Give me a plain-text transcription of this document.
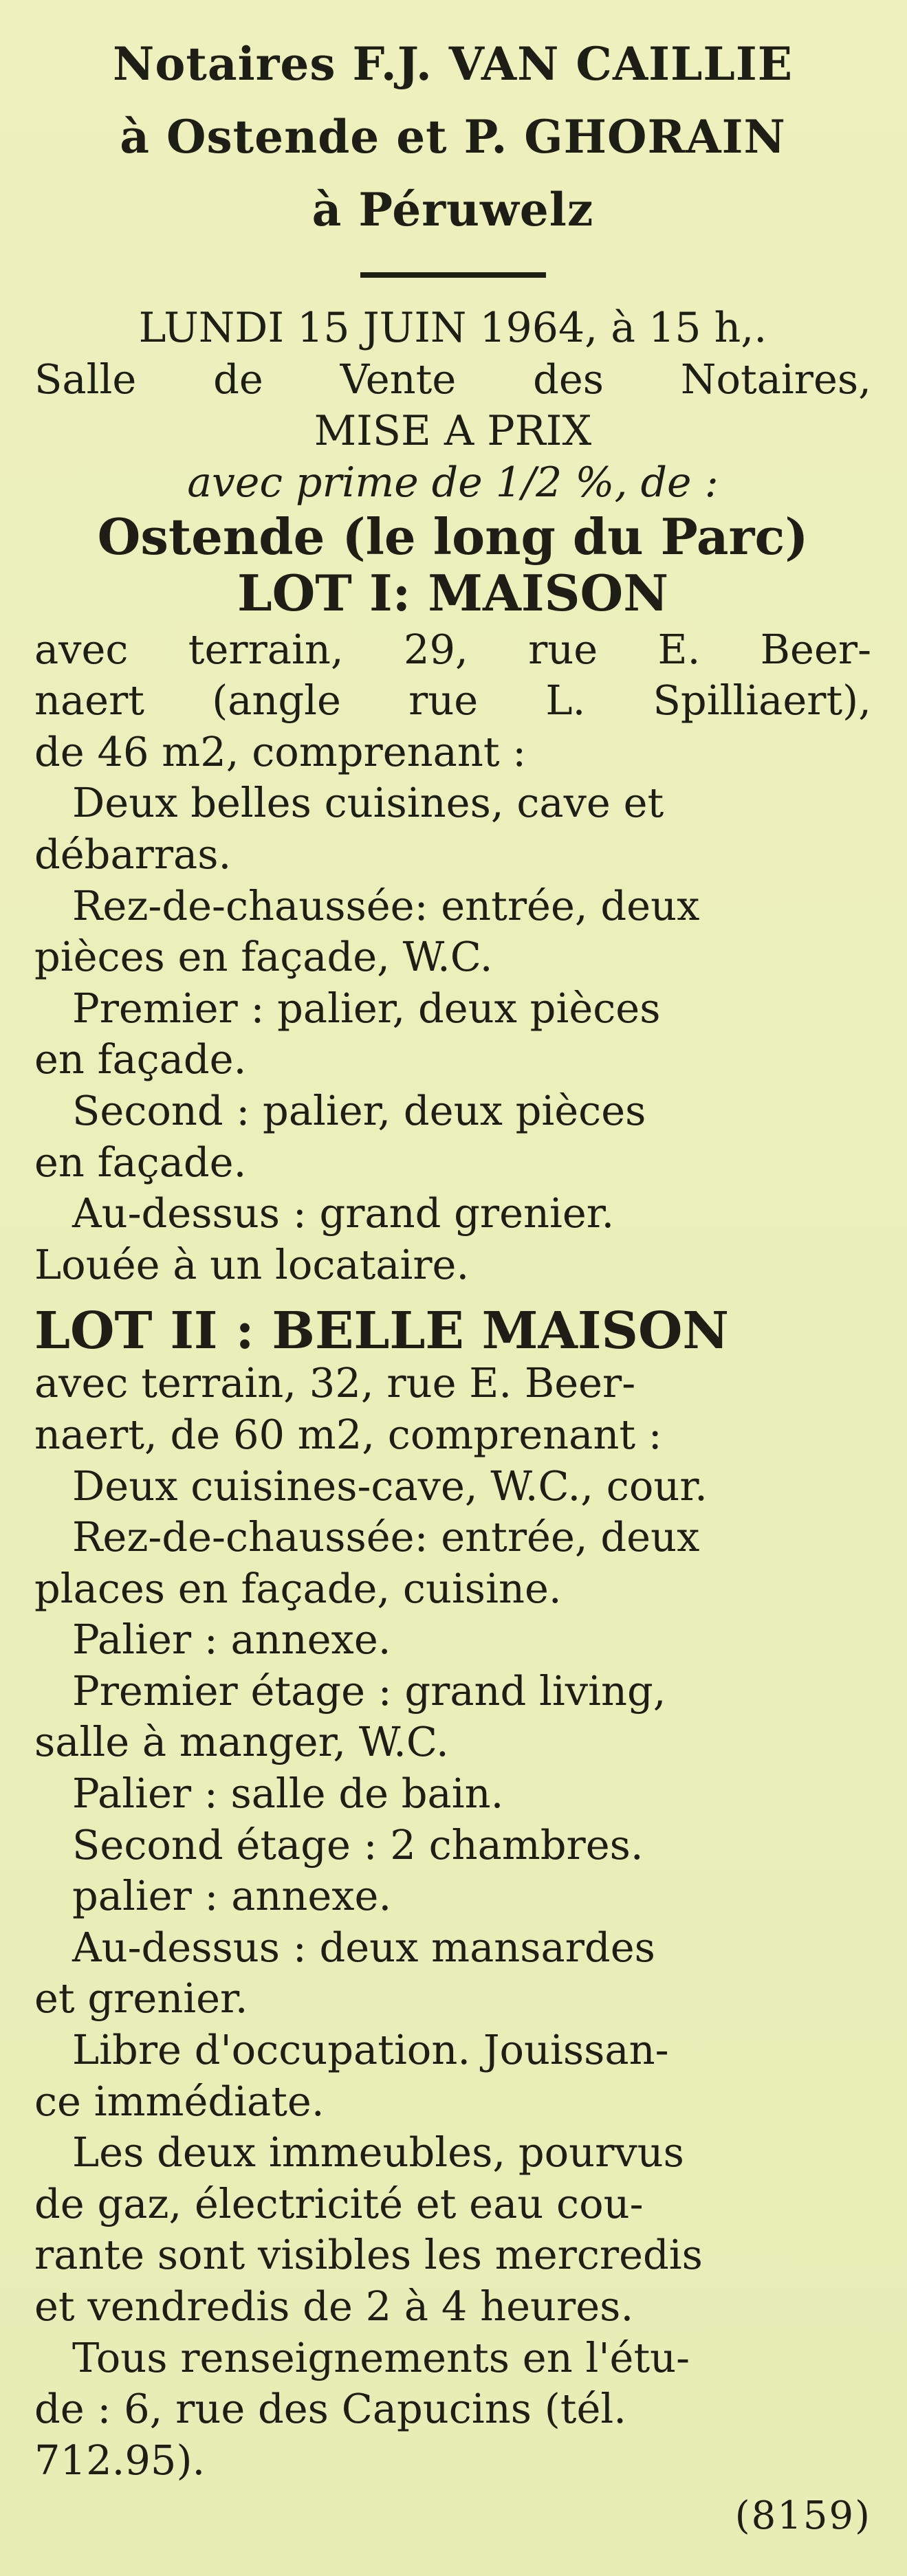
Notaires F.J. VAN CAILLIE
à Ostende et P. GHORAIN
à Péruwelz
LUNDI 15 JUIN 1964, à 15 h,.
Salle de Vente des Notaires,
MISE A PRIX
avec prime de 1/2 %, de :
Ostende (le long du Parc)
LOT I: MAISON
avec terrain, 29, rue E. Beer-
naert (angle rue L. Spilliaert),
de 46 m2, comprenant :
Deux belles cuisines, cave et
débarras.
Rez-de-chaussée: entrée, deux
pièces en façade, W.C.
Premier : palier, deux pièces
en façade.
Second : palier, deux pièces
en façade.
Au-dessus : grand grenier.
Louée à un locataire.
LOT II : BELLE MAISON
avec terrain, 32, rue E. Beer-
naert, de 60 m2, comprenant :
Deux cuisines-cave, W.C., cour.
Rez-de-chaussée: entrée, deux
places en façade, cuisine.
Palier : annexe.
Premier étage : grand living,
salle à manger, W.C.
Palier : salle de bain.
Second étage : 2 chambres.
palier : annexe.
Au-dessus : deux mansardes
et grenier.
Libre d'occupation. Jouissan-
ce immédiate.
Les deux immeubles, pourvus
de gaz, électricité et eau cou-
rante sont visibles les mercredis
et vendredis de 2 à 4 heures.
Tous renseignements en l'étu-
de : 6, rue des Capucins (tél.
712.95).
(8159)
